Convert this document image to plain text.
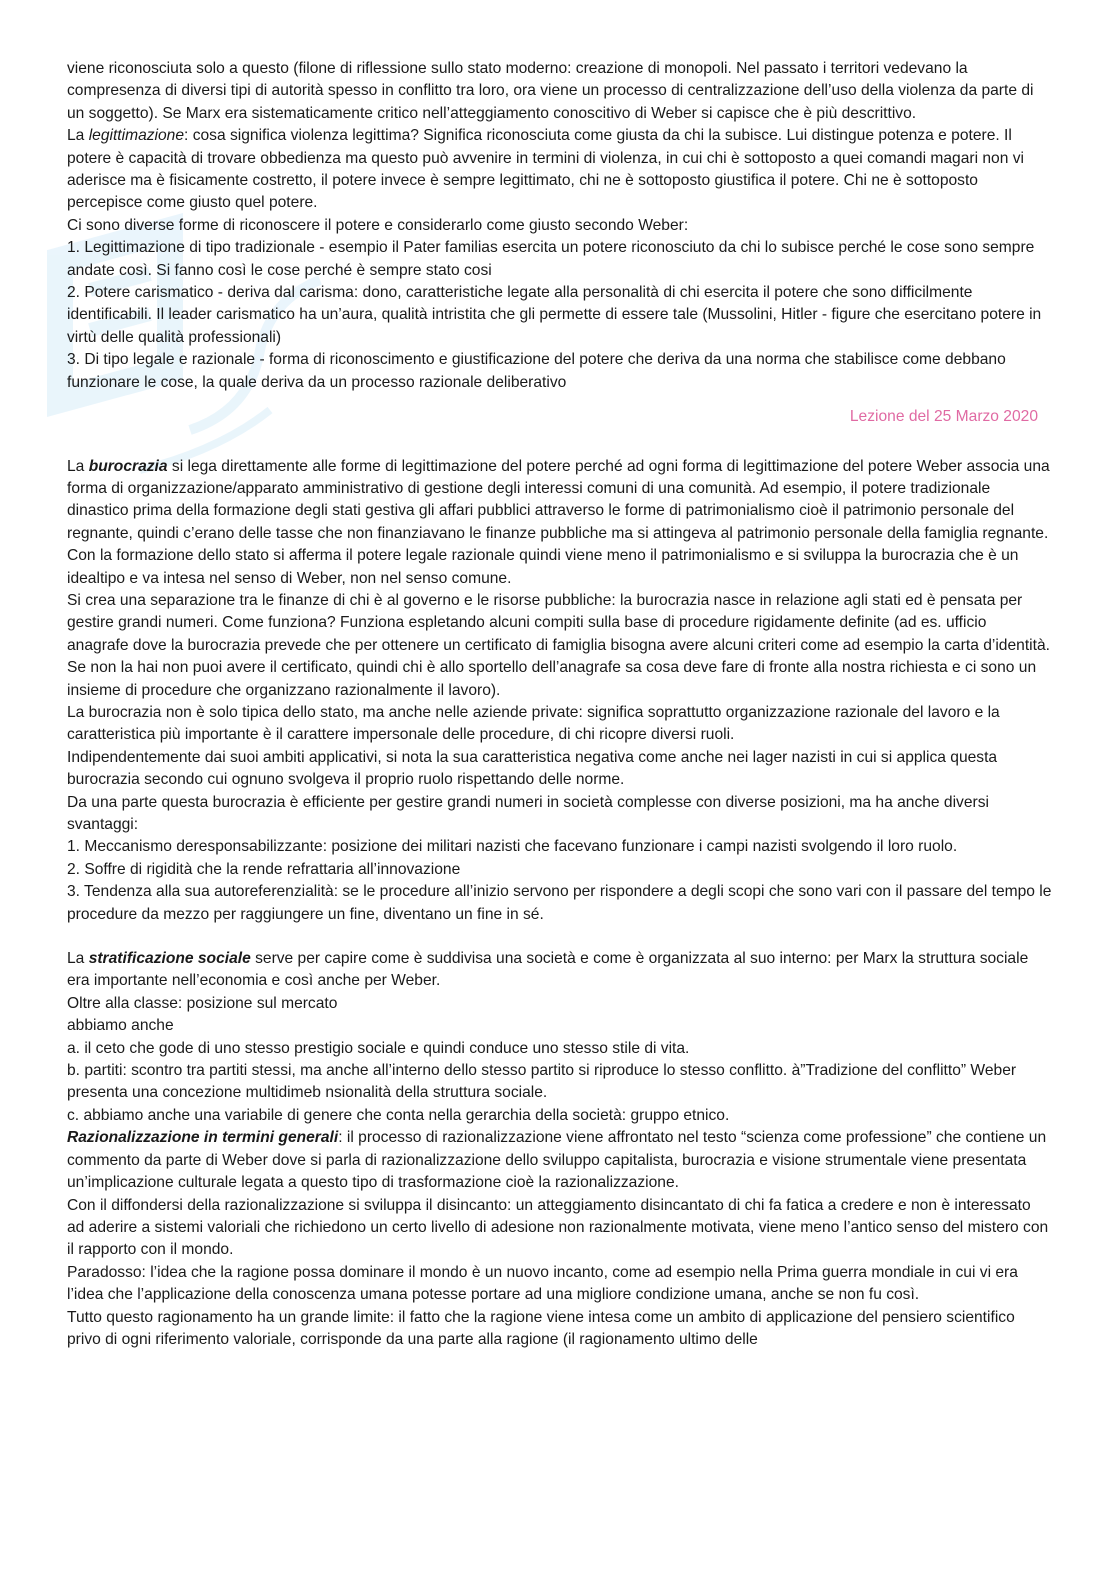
viene riconosciuta solo a questo (filone di riflessione sullo stato moderno: creazione di monopoli. Nel passato i territori vedevano la compresenza di diversi tipi di autorità spesso in conflitto tra loro, ora viene un processo di centralizzazione dell’uso della violenza da parte di un soggetto). Se Marx era sistematicamente critico nell’atteggiamento conoscitivo di Weber si capisce che è più descrittivo.

La legittimazione: cosa significa violenza legittima? Significa riconosciuta come giusta da chi la subisce. Lui distingue potenza e potere. Il potere è capacità di trovare obbedienza ma questo può avvenire in termini di violenza, in cui chi è sottoposto a quei comandi magari non vi aderisce ma è fisicamente costretto, il potere invece è sempre legittimato, chi ne è sottoposto giustifica il potere. Chi ne è sottoposto percepisce come giusto quel potere.

Ci sono diverse forme di riconoscere il potere e considerarlo come giusto secondo Weber:

1. Legittimazione di tipo tradizionale - esempio il Pater familias esercita un potere riconosciuto da chi lo subisce perché le cose sono sempre andate così. Si fanno così le cose perché è sempre stato cosi

2. Potere carismatico - deriva dal carisma: dono, caratteristiche legate alla personalità di chi esercita il potere che sono difficilmente identificabili. Il leader carismatico ha un’aura, qualità intristita che gli permette di essere tale (Mussolini, Hitler - figure che esercitano potere in virtù delle qualità professionali)

3. Di tipo legale e razionale - forma di riconoscimento e giustificazione del potere che deriva da una norma che stabilisce come debbano funzionare le cose, la quale deriva da un processo razionale deliberativo

Lezione del 25 Marzo 2020

La burocrazia si lega direttamente alle forme di legittimazione del potere perché ad ogni forma di legittimazione del potere Weber associa una forma di organizzazione/apparato amministrativo di gestione degli interessi comuni di una comunità. Ad esempio, il potere tradizionale dinastico prima della formazione degli stati gestiva gli affari pubblici attraverso le forme di patrimonialismo cioè il patrimonio personale del regnante, quindi c’erano delle tasse che non finanziavano le finanze pubbliche ma si attingeva al patrimonio personale della famiglia regnante. Con la formazione dello stato si afferma il potere legale razionale quindi viene meno il patrimonialismo e si sviluppa la burocrazia che è un idealtipo e va intesa nel senso di Weber, non nel senso comune.

Si crea una separazione tra le finanze di chi è al governo e le risorse pubbliche: la burocrazia nasce in relazione agli stati ed è pensata per gestire grandi numeri. Come funziona? Funziona espletando alcuni compiti sulla base di procedure rigidamente definite (ad es. ufficio anagrafe dove la burocrazia prevede che per ottenere un certificato di famiglia bisogna avere alcuni criteri come ad esempio la carta d’identità. Se non la hai non puoi avere il certificato, quindi chi è allo sportello dell’anagrafe sa cosa deve fare di fronte alla nostra richiesta e ci sono un insieme di procedure che organizzano razionalmente il lavoro).

La burocrazia non è solo tipica dello stato, ma anche nelle aziende private: significa soprattutto organizzazione razionale del lavoro e la caratteristica più importante è il carattere impersonale delle procedure, di chi ricopre diversi ruoli.

Indipendentemente dai suoi ambiti applicativi, si nota la sua caratteristica negativa come anche nei lager nazisti in cui si applica questa burocrazia secondo cui ognuno svolgeva il proprio ruolo rispettando delle norme.

Da una parte questa burocrazia è efficiente per gestire grandi numeri in società complesse con diverse posizioni, ma ha anche diversi svantaggi:

1. Meccanismo deresponsabilizzante: posizione dei militari nazisti che facevano funzionare i campi nazisti svolgendo il loro ruolo.

2. Soffre di rigidità che la rende refrattaria all’innovazione

3. Tendenza alla sua autoreferenzialità: se le procedure all’inizio servono per rispondere a degli scopi che sono vari con il passare del tempo le procedure da mezzo per raggiungere un fine, diventano un fine in sé.

La stratificazione sociale serve per capire come è suddivisa una società e come è organizzata al suo interno: per Marx la struttura sociale era importante nell’economia e così anche per Weber.

Oltre alla classe: posizione sul mercato

abbiamo anche

a. il ceto che gode di uno stesso prestigio sociale e quindi conduce uno stesso stile di vita.

b. partiti: scontro tra partiti stessi, ma anche all’interno dello stesso partito si riproduce lo stesso conflitto. à”Tradizione del conflitto” Weber presenta una concezione multidimeb nsionalità della struttura sociale.

c. abbiamo anche una variabile di genere che conta nella gerarchia della società: gruppo etnico.

Razionalizzazione in termini generali: il processo di razionalizzazione viene affrontato nel testo “scienza come professione” che contiene un commento da parte di Weber dove si parla di razionalizzazione dello sviluppo capitalista, burocrazia e visione strumentale viene presentata un’implicazione culturale legata a questo tipo di trasformazione cioè la razionalizzazione.

Con il diffondersi della razionalizzazione si sviluppa il disincanto: un atteggiamento disincantato di chi fa fatica a credere e non è interessato ad aderire a sistemi valoriali che richiedono un certo livello di adesione non razionalmente motivata, viene meno l’antico senso del mistero con il rapporto con il mondo.

Paradosso: l’idea che la ragione possa dominare il mondo è un nuovo incanto, come ad esempio nella Prima guerra mondiale in cui vi era l’idea che l’applicazione della conoscenza umana potesse portare ad una migliore condizione umana, anche se non fu così.

Tutto questo ragionamento ha un grande limite: il fatto che la ragione viene intesa come un ambito di applicazione del pensiero scientifico privo di ogni riferimento valoriale, corrisponde da una parte alla ragione (il ragionamento ultimo delle
